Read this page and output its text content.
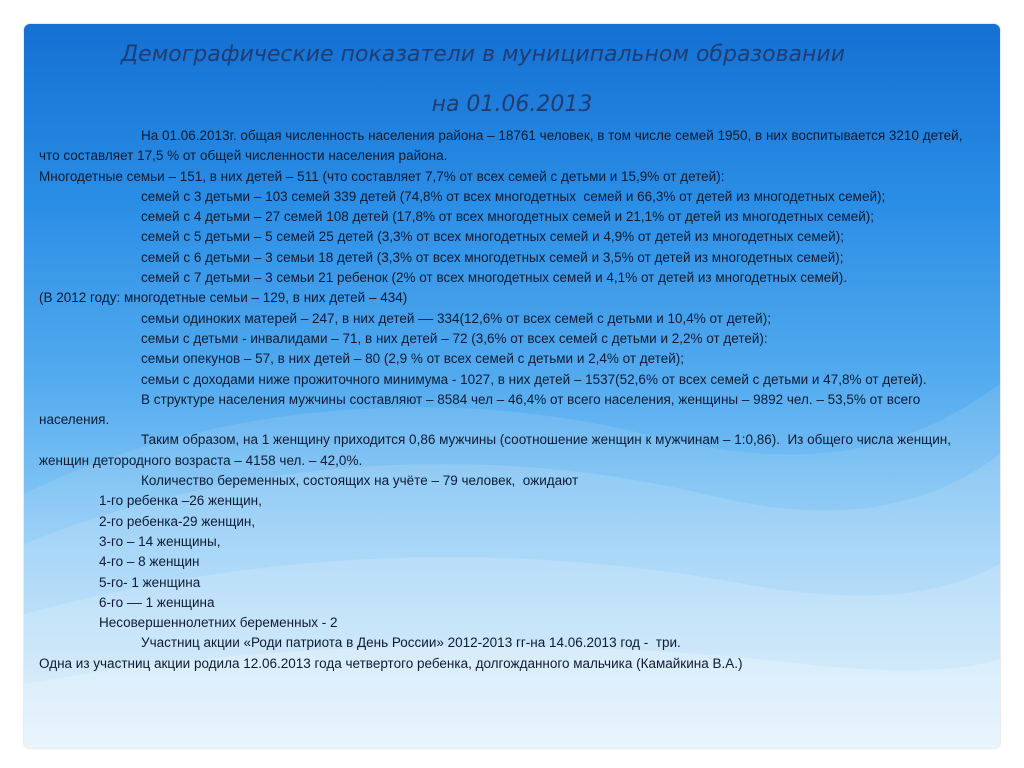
Демографические показатели в муниципальном образовании
на 01.06.2013

На 01.06.2013г. общая численность населения района – 18761 человек, в том числе семей 1950, в них воспитывается 3210 детей, что составляет 17,5 % от общей численности населения района.

Многодетные семьи – 151, в них детей – 511 (что составляет 7,7% от всех семей с детьми и 15,9% от детей):

семей с 3 детьми – 103 семей 339 детей (74,8% от всех многодетных  семей и 66,3% от детей из многодетных семей);

семей с 4 детьми – 27 семей 108 детей (17,8% от всех многодетных семей и 21,1% от детей из многодетных семей);

семей с 5 детьми – 5 семей 25 детей (3,3% от всех многодетных семей и 4,9% от детей из многодетных семей);

семей с 6 детьми – 3 семьи 18 детей (3,3% от всех многодетных семей и 3,5% от детей из многодетных семей);

семей с 7 детьми – 3 семьи 21 ребенок (2% от всех многодетных семей и 4,1% от детей из многодетных семей).

(В 2012 году: многодетные семьи – 129, в них детей – 434)

семьи одиноких матерей – 247, в них детей –– 334(12,6% от всех семей с детьми и 10,4% от детей);

семьи с детьми - инвалидами – 71, в них детей – 72 (3,6% от всех семей с детьми и 2,2% от детей):

семьи опекунов – 57, в них детей – 80 (2,9 % от всех семей с детьми и 2,4% от детей);

семьи с доходами ниже прожиточного минимума - 1027, в них детей – 1537(52,6% от всех семей с детьми и 47,8% от детей).

В структуре населения мужчины составляют – 8584 чел – 46,4% от всего населения, женщины – 9892 чел. – 53,5% от всего населения.

Таким образом, на 1 женщину приходится 0,86 мужчины (соотношение женщин к мужчинам – 1:0,86).  Из общего числа женщин, женщин детородного возраста – 4158 чел. – 42,0%.

Количество беременных, состоящих на учёте – 79 человек,  ожидают

1-го ребенка –26 женщин,

2-го ребенка-29 женщин,

3-го – 14 женщины,

4-го – 8 женщин

5-го- 1 женщина

6-го –– 1 женщина

Несовершеннолетних беременных - 2

Участниц акции «Роди патриота в День России» 2012-2013 гг-на 14.06.2013 год -  три.

Одна из участниц акции родила 12.06.2013 года четвертого ребенка, долгожданного мальчика (Камайкина В.А.)
